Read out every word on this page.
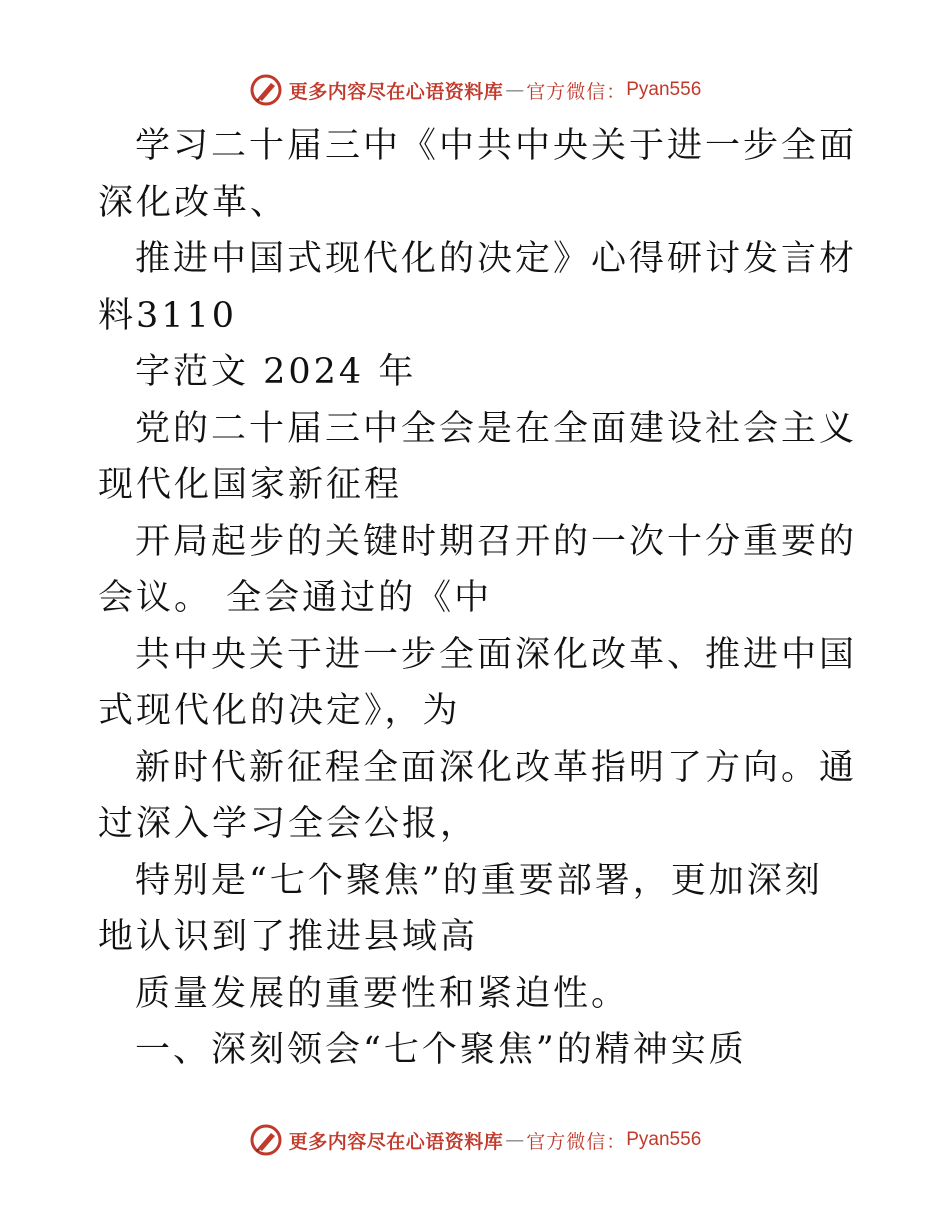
更多内容尽在心语资料库 — 官方微信： Pyan556

学习二十届三中《中共中央关于进一步全面深化改革、

推进中国式现代化的决定》心得研讨发言材料3110

字范文 2024 年

党的二十届三中全会是在全面建设社会主义现代化国家新征程

开局起步的关键时期召开的一次十分重要的会议。 全会通过的《中

共中央关于进一步全面深化改革、推进中国式现代化的决定》，为

新时代新征程全面深化改革指明了方向。通过深入学习全会公报，

特别是“七个聚焦”的重要部署，更加深刻地认识到了推进县域高

质量发展的重要性和紧迫性。

一、深刻领会“七个聚焦”的精神实质

更多内容尽在心语资料库 — 官方微信： Pyan556
